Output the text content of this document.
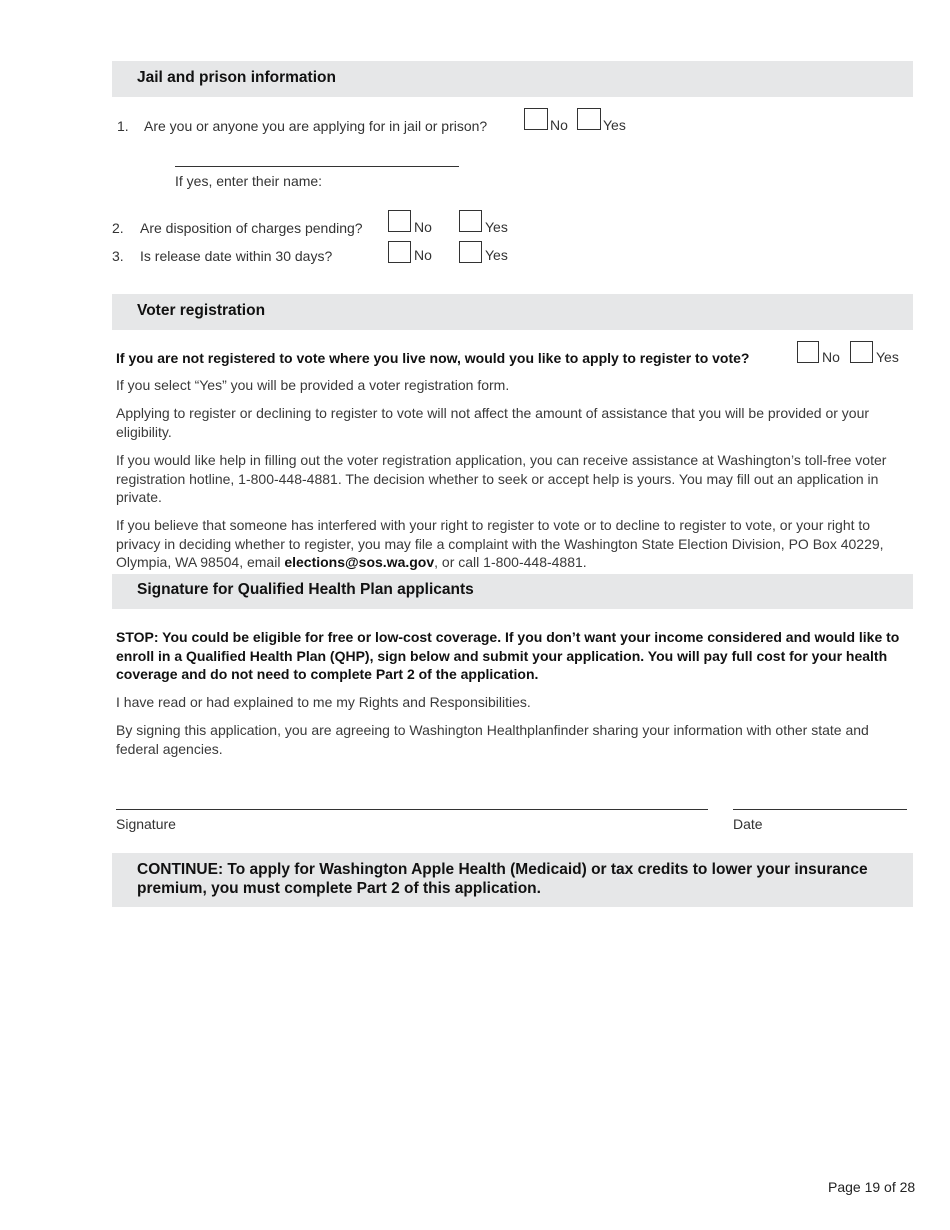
Jail and prison information
1. Are you or anyone you are applying for in jail or prison?	No	Yes
If yes, enter their name:
2. Are disposition of charges pending?	No	Yes
3. Is release date within 30 days?	No	Yes
Voter registration
If you are not registered to vote where you live now, would you like to apply to register to vote?	No	Yes
If you select “Yes” you will be provided a voter registration form.
Applying to register or declining to register to vote will not affect the amount of assistance that you will be provided or your eligibility.
If you would like help in filling out the voter registration application, you can receive assistance at Washington’s toll-free voter registration hotline, 1-800-448-4881. The decision whether to seek or accept help is yours. You may fill out an application in private.
If you believe that someone has interfered with your right to register to vote or to decline to register to vote, or your right to privacy in deciding whether to register, you may file a complaint with the Washington State Election Division, PO Box 40229, Olympia, WA 98504, email elections@sos.wa.gov, or call 1-800-448-4881.
Signature for Qualified Health Plan applicants
STOP: You could be eligible for free or low-cost coverage. If you don’t want your income considered and would like to enroll in a Qualified Health Plan (QHP), sign below and submit your application. You will pay full cost for your health coverage and do not need to complete Part 2 of the application.
I have read or had explained to me my Rights and Responsibilities.
By signing this application, you are agreeing to Washington Healthplanfinder sharing your information with other state and federal agencies.
Signature	Date
CONTINUE: To apply for Washington Apple Health (Medicaid) or tax credits to lower your insurance premium, you must complete Part 2 of this application.
Page 19 of 28
